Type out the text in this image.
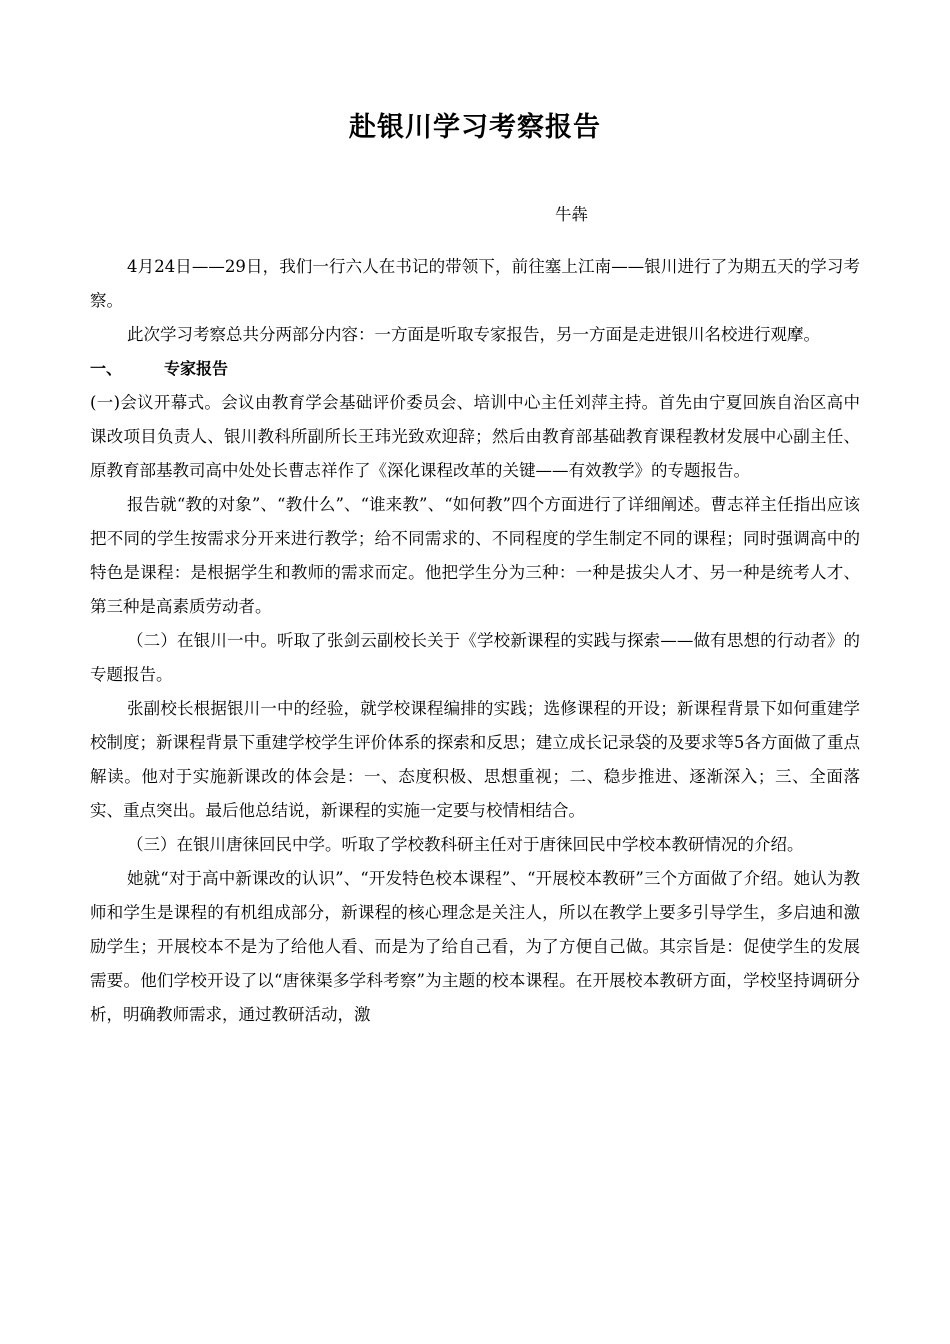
赴银川学习考察报告
牛犇

4月24日——29日，我们一行六人在书记的带领下，前往塞上江南——银川进行了为期五天的学习考察。

此次学习考察总共分两部分内容：一方面是听取专家报告，另一方面是走进银川名校进行观摩。

一、	专家报告

(一)会议开幕式。会议由教育学会基础评价委员会、培训中心主任刘萍主持。首先由宁夏回族自治区高中课改项目负责人、银川教科所副所长王玮光致欢迎辞；然后由教育部基础教育课程教材发展中心副主任、原教育部基教司高中处处长曹志祥作了《深化课程改革的关键——有效教学》的专题报告。

报告就“教的对象”、“教什么”、“谁来教”、“如何教”四个方面进行了详细阐述。曹志祥主任指出应该把不同的学生按需求分开来进行教学；给不同需求的、不同程度的学生制定不同的课程；同时强调高中的特色是课程：是根据学生和教师的需求而定。他把学生分为三种：一种是拔尖人才、另一种是统考人才、第三种是高素质劳动者。

（二）在银川一中。听取了张剑云副校长关于《学校新课程的实践与探索——做有思想的行动者》的专题报告。

张副校长根据银川一中的经验，就学校课程编排的实践；选修课程的开设；新课程背景下如何重建学校制度；新课程背景下重建学校学生评价体系的探索和反思；建立成长记录袋的及要求等5各方面做了重点解读。他对于实施新课改的体会是：一、态度积极、思想重视；二、稳步推进、逐渐深入；三、全面落实、重点突出。最后他总结说，新课程的实施一定要与校情相结合。

（三）在银川唐徕回民中学。听取了学校教科研主任对于唐徕回民中学校本教研情况的介绍。

她就“对于高中新课改的认识”、“开发特色校本课程”、“开展校本教研”三个方面做了介绍。她认为教师和学生是课程的有机组成部分，新课程的核心理念是关注人，所以在教学上要多引导学生，多启迪和激励学生；开展校本不是为了给他人看、而是为了给自己看，为了方便自己做。其宗旨是：促使学生的发展需要。他们学校开设了以“唐徕渠多学科考察”为主题的校本课程。在开展校本教研方面，学校坚持调研分析，明确教师需求，通过教研活动，激
